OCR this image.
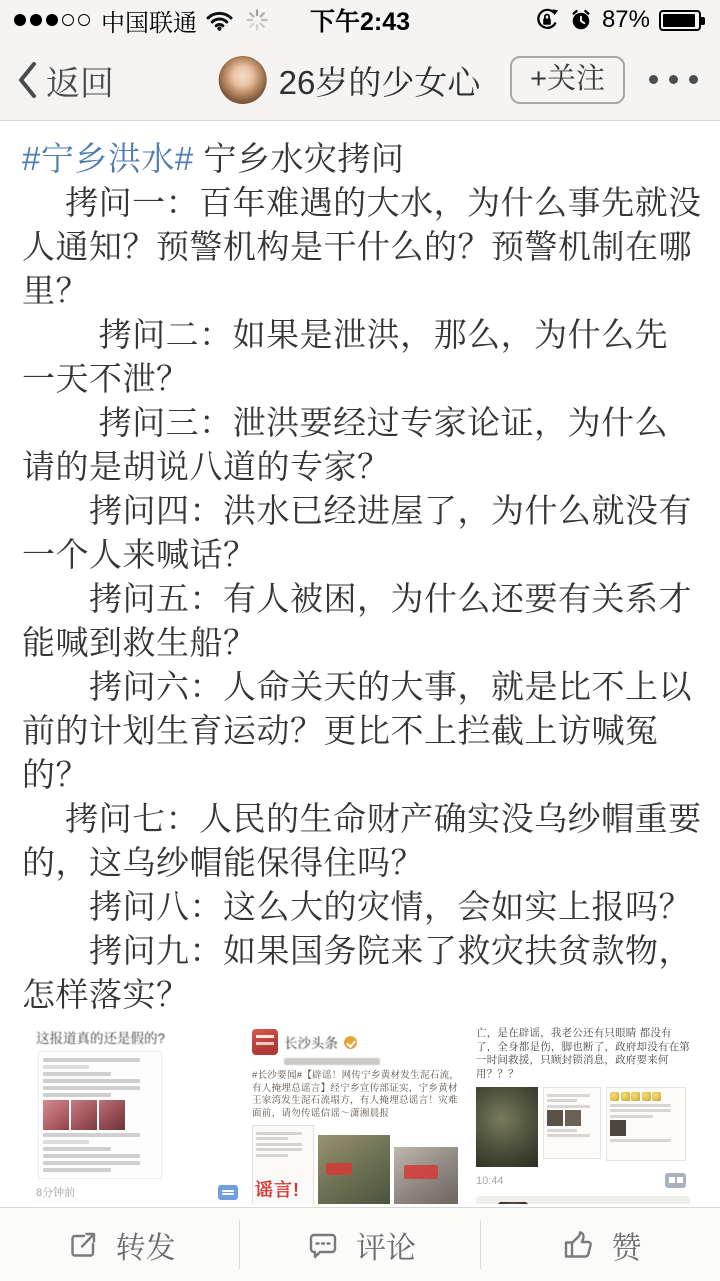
中国联通	下午2:43	87%
返回	26岁的少女心	+关注
#宁乡洪水# 宁乡水灾拷问
　 拷问一：百年难遇的大水，为什么事先就没
人通知？预警机构是干什么的？预警机制在哪
里？
　　 拷问二：如果是泄洪，那么，为什么先
一天不泄？
　　 拷问三：泄洪要经过专家论证，为什么
请的是胡说八道的专家？
　　拷问四：洪水已经进屋了，为什么就没有
一个人来喊话？
　　拷问五：有人被困，为什么还要有关系才
能喊到救生船？
　　拷问六：人命关天的大事，就是比不上以
前的计划生育运动？更比不上拦截上访喊冤
的？
　 拷问七：人民的生命财产确实没乌纱帽重要
的，这乌纱帽能保得住吗？
　　拷问八：这么大的灾情，会如实上报吗？
　　拷问九：如果国务院来了救灾扶贫款物，
怎样落实？
这报道真的还是假的?
8分钟前
长沙头条
#长沙要闻#【辟谣！网传宁乡黄材发生泥石流，有人掩埋总谣言】经宁乡宣传部证实，宁乡黄材王家湾发生泥石流塌方，有人掩埋总谣言！灾难面前，请勿传谣信谣～潇湘晨报
谣言!
亡，是在辟谣，我老公还有只眼睛 都没有了，全身都是伤，脚也断了，政府却没有在第一时间救援，只顾封锁消息，政府要来何用？？？
10:44
转发	评论	赞
